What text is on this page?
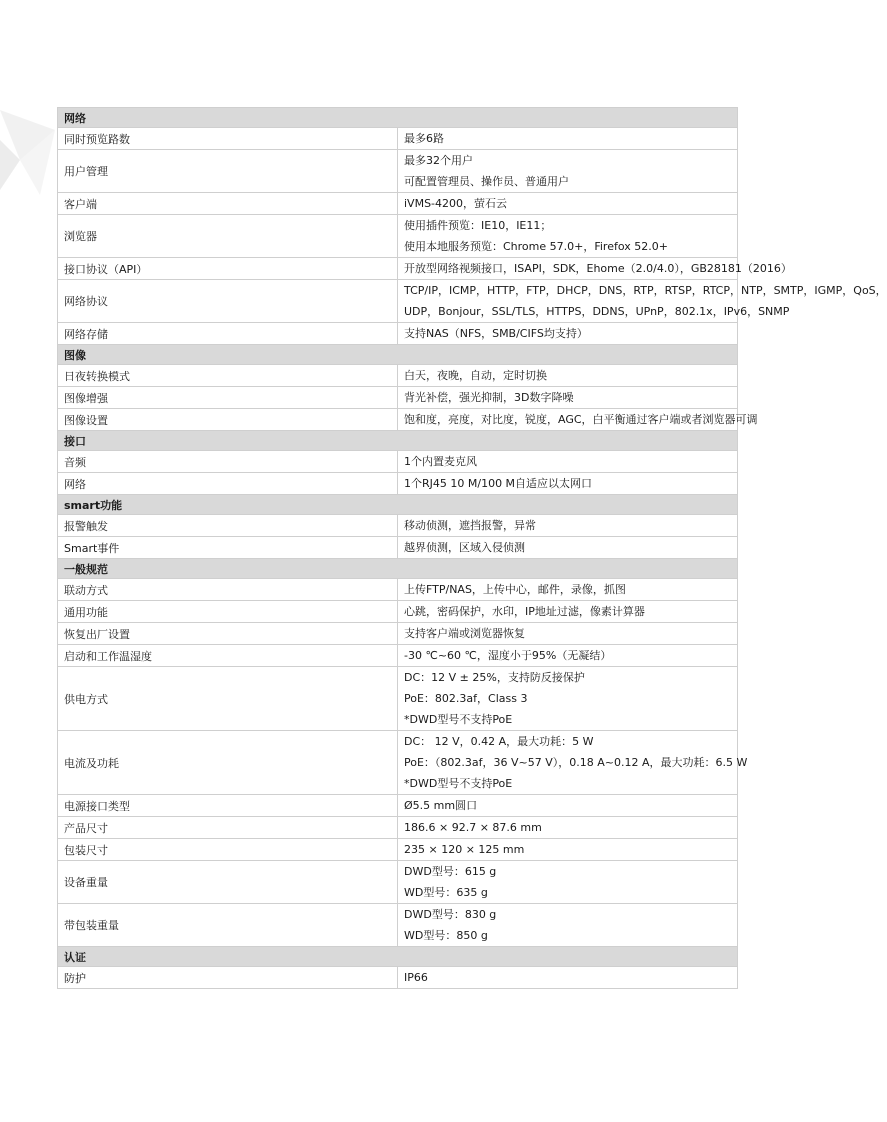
网络	
同时预览路数	最多6路

用户管理	最多32个用户
可配置管理员、操作员、普通用户

客户端	iVMS-4200，萤石云

浏览器	使用插件预览：IE10，IE11；
使用本地服务预览：Chrome 57.0+，Firefox 52.0+

接口协议（API）	开放型网络视频接口，ISAPI，SDK，Ehome（2.0/4.0），GB28181（2016）

网络协议	TCP/IP，ICMP，HTTP，FTP，DHCP，DNS，RTP，RTSP，RTCP，NTP，SMTP，IGMP，QoS，
UDP，Bonjour，SSL/TLS，HTTPS，DDNS，UPnP，802.1x，IPv6，SNMP

网络存储	支持NAS（NFS，SMB/CIFS均支持）

图像	
日夜转换模式	白天，夜晚，自动，定时切换

图像增强	背光补偿，强光抑制，3D数字降噪

图像设置	饱和度，亮度，对比度，锐度，AGC，白平衡通过客户端或者浏览器可调

接口	
音频	1个内置麦克风

网络	1个RJ45 10 M/100 M自适应以太网口

smart功能	
报警触发	移动侦测，遮挡报警，异常

Smart事件	越界侦测，区域入侵侦测

一般规范	
联动方式	上传FTP/NAS，上传中心，邮件，录像，抓图

通用功能	心跳，密码保护，水印，IP地址过滤，像素计算器

恢复出厂设置	支持客户端或浏览器恢复

启动和工作温湿度	-30 ℃~60 ℃，湿度小于95%（无凝结）

供电方式	DC：12 V ± 25%，支持防反接保护
PoE：802.3af，Class 3
*DWD型号不支持PoE

电流及功耗	DC： 12 V，0.42 A，最大功耗：5 W
PoE：（802.3af，36 V~57 V），0.18 A~0.12 A，最大功耗：6.5 W
*DWD型号不支持PoE

电源接口类型	Ø5.5 mm圆口

产品尺寸	186.6 × 92.7 × 87.6 mm

包装尺寸	235 × 120 × 125 mm

设备重量	DWD型号：615 g
WD型号：635 g

带包装重量	DWD型号：830 g
WD型号：850 g

认证	
防护	IP66
